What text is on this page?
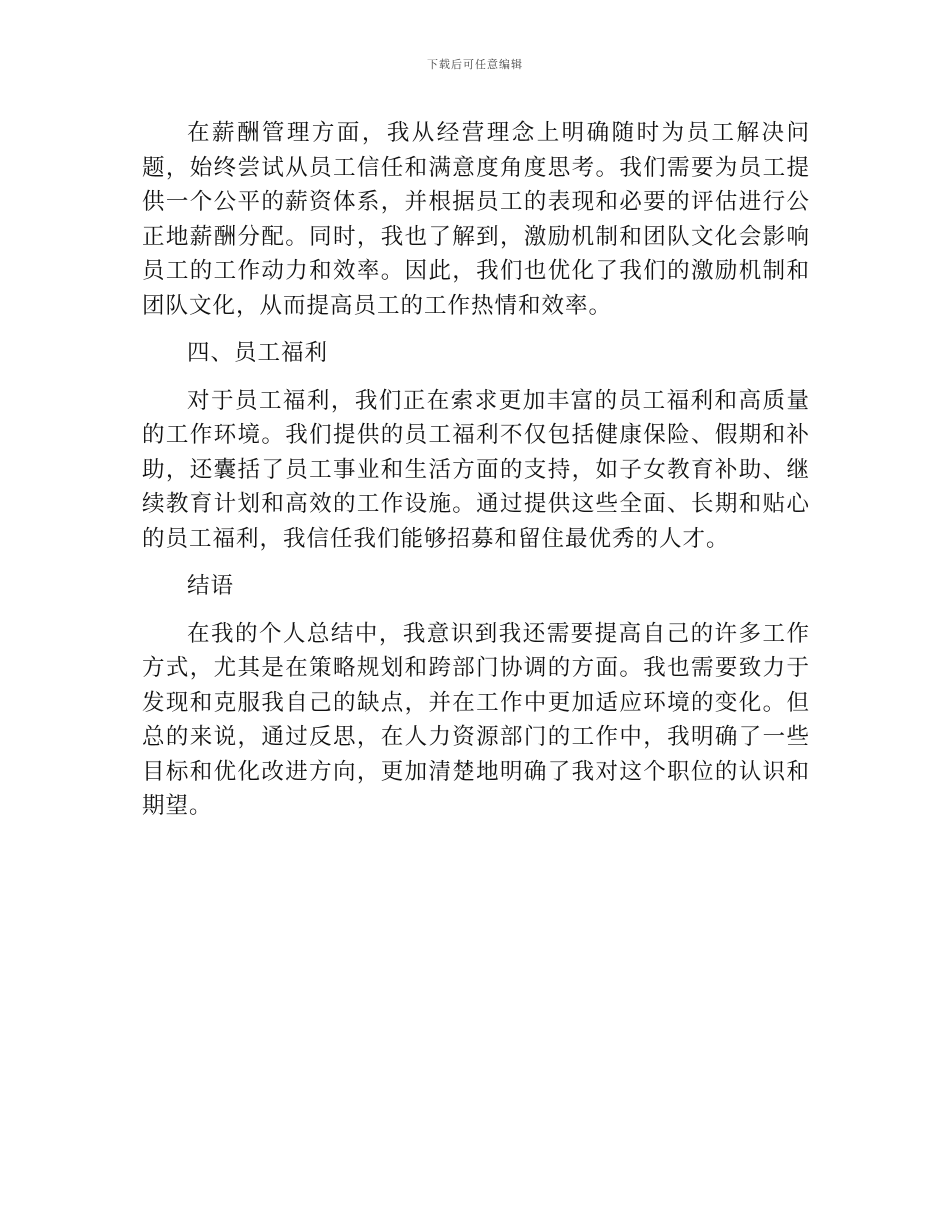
下载后可任意编辑

在薪酬管理方面，我从经营理念上明确随时为员工解决问题，始终尝试从员工信任和满意度角度思考。我们需要为员工提供一个公平的薪资体系，并根据员工的表现和必要的评估进行公正地薪酬分配。同时，我也了解到，激励机制和团队文化会影响员工的工作动力和效率。因此，我们也优化了我们的激励机制和团队文化，从而提高员工的工作热情和效率。

四、员工福利

对于员工福利，我们正在索求更加丰富的员工福利和高质量的工作环境。我们提供的员工福利不仅包括健康保险、假期和补助，还囊括了员工事业和生活方面的支持，如子女教育补助、继续教育计划和高效的工作设施。通过提供这些全面、长期和贴心的员工福利，我信任我们能够招募和留住最优秀的人才。

结语

在我的个人总结中，我意识到我还需要提高自己的许多工作方式，尤其是在策略规划和跨部门协调的方面。我也需要致力于发现和克服我自己的缺点，并在工作中更加适应环境的变化。但总的来说，通过反思，在人力资源部门的工作中，我明确了一些目标和优化改进方向，更加清楚地明确了我对这个职位的认识和期望。
